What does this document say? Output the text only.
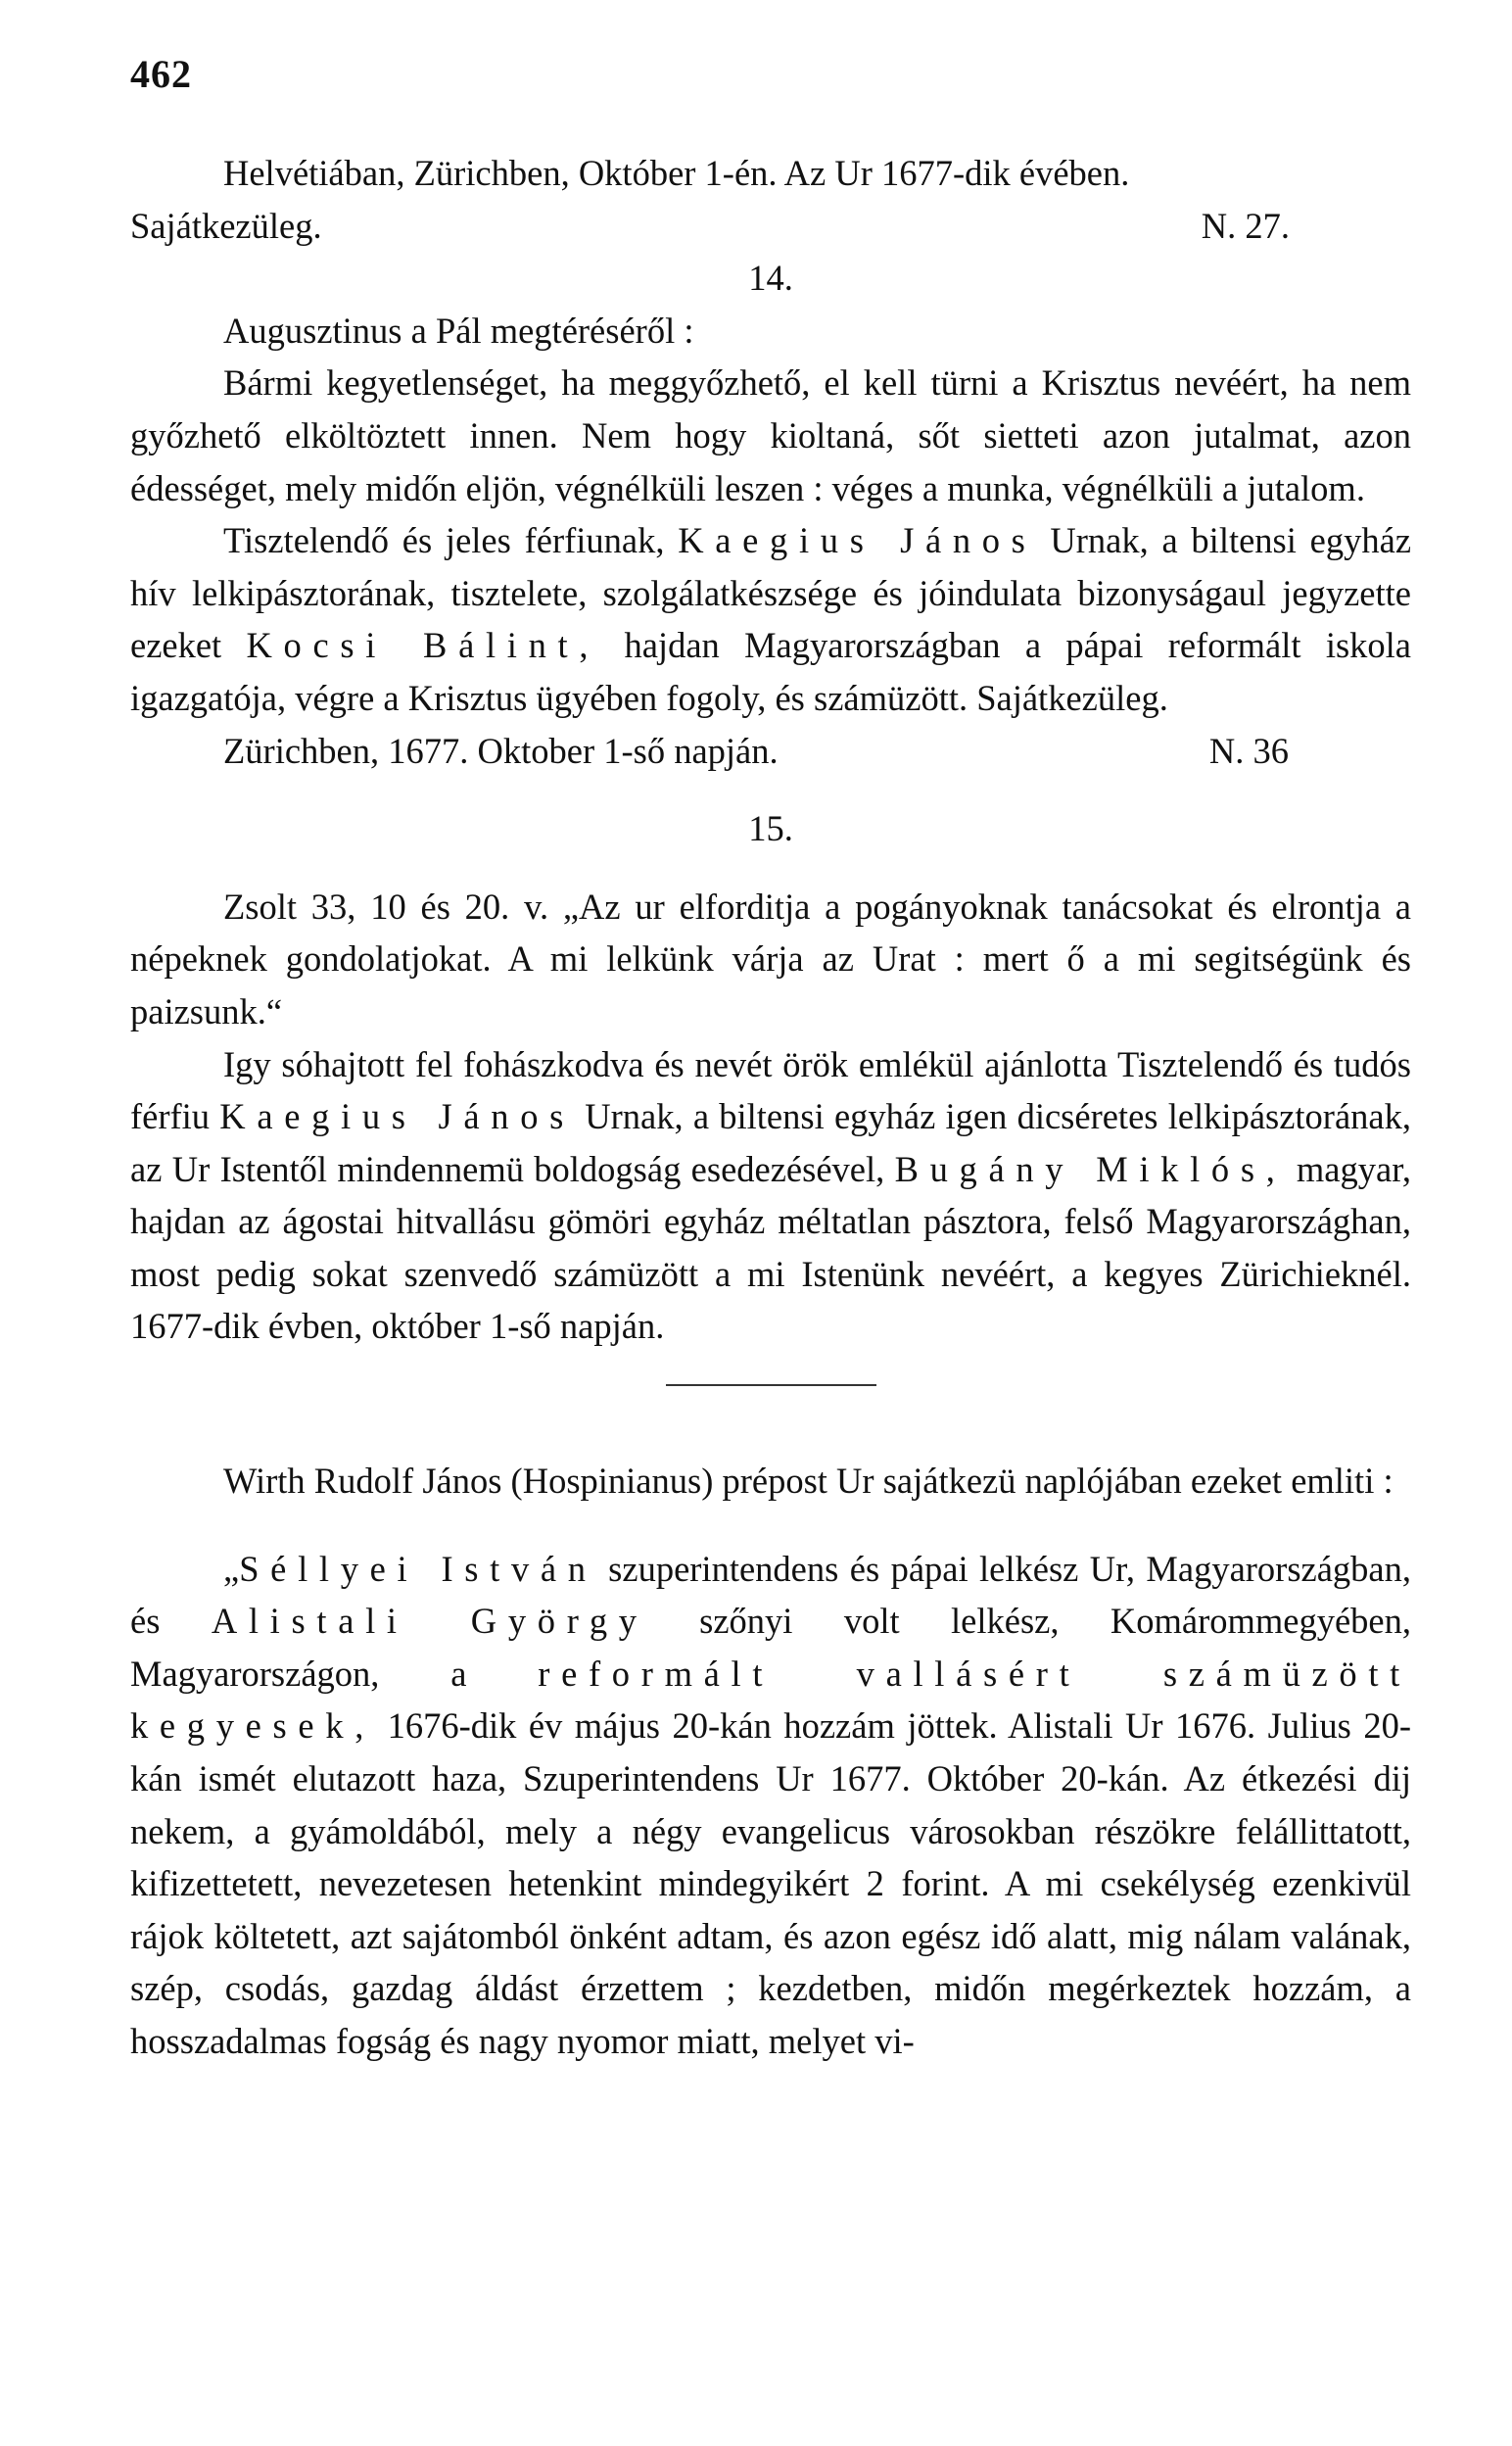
462

Helvétiában, Zürichben, Október 1-én. Az Ur 1677-dik évében.

Sajátkezüleg.	N. 27.
14.

Augusztinus a Pál megtéréséről :

Bármi kegyetlenséget, ha meggyőzhető, el kell türni a Krisztus nevéért, ha nem győzhető elköltöztett innen. Nem hogy kioltaná, sőt sietteti azon jutalmat, azon édességet, mely midőn eljön, végnélküli leszen : véges a munka, végnélküli a jutalom.

Tisztelendő és jeles férfiunak, Kaegius János Urnak, a biltensi egyház hív lelkipásztorának, tisztelete, szolgálatkészsége és jóindulata bizonyságaul jegyzette ezeket Kocsi Bálint, hajdan Magyarországban a pápai reformált iskola igazgatója, végre a Krisztus ügyében fogoly, és számüzött. Sajátkezüleg.

Zürichben, 1677. Oktober 1-ső napján.	N. 36
15.

Zsolt 33, 10 és 20. v. „Az ur elforditja a pogányoknak tanácsokat és elrontja a népeknek gondolatjokat. A mi lelkünk várja az Urat : mert ő a mi segitségünk és paizsunk.“

Igy sóhajtott fel fohászkodva és nevét örök emlékül ajánlotta Tisztelendő és tudós férfiu Kaegius János Urnak, a biltensi egyház igen dicséretes lelkipásztorának, az Ur Istentől mindennemü boldogság esedezésével, Bugány Miklós, magyar, hajdan az ágostai hitvallásu gömöri egyház méltatlan pásztora, felső Magyarországhan, most pedig sokat szenvedő számüzött a mi Istenünk nevéért, a kegyes Zürichieknél. 1677-dik évben, október 1-ső napján.

Wirth Rudolf János (Hospinianus) prépost Ur sajátkezü naplójában ezeket emliti :

„Séllyei István szuperintendens és pápai lelkész Ur, Magyarországban, és Alistali György szőnyi volt lelkész, Komárommegyében, Magyarországon, a reformált vallásért számüzött kegyesek, 1676-dik év május 20-kán hozzám jöttek. Alistali Ur 1676. Julius 20-kán ismét elutazott haza, Szuperintendens Ur 1677. Október 20-kán. Az étkezési dij nekem, a gyámoldából, mely a négy evangelicus városokban részökre felállittatott, kifizettetett, nevezetesen hetenkint mindegyikért 2 forint. A mi csekélység ezenkivül rájok költetett, azt sajátomból önként adtam, és azon egész idő alatt, mig nálam valának, szép, csodás, gazdag áldást érzettem ; kezdetben, midőn megérkeztek hozzám, a hosszadalmas fogság és nagy nyomor miatt, melyet vi-
